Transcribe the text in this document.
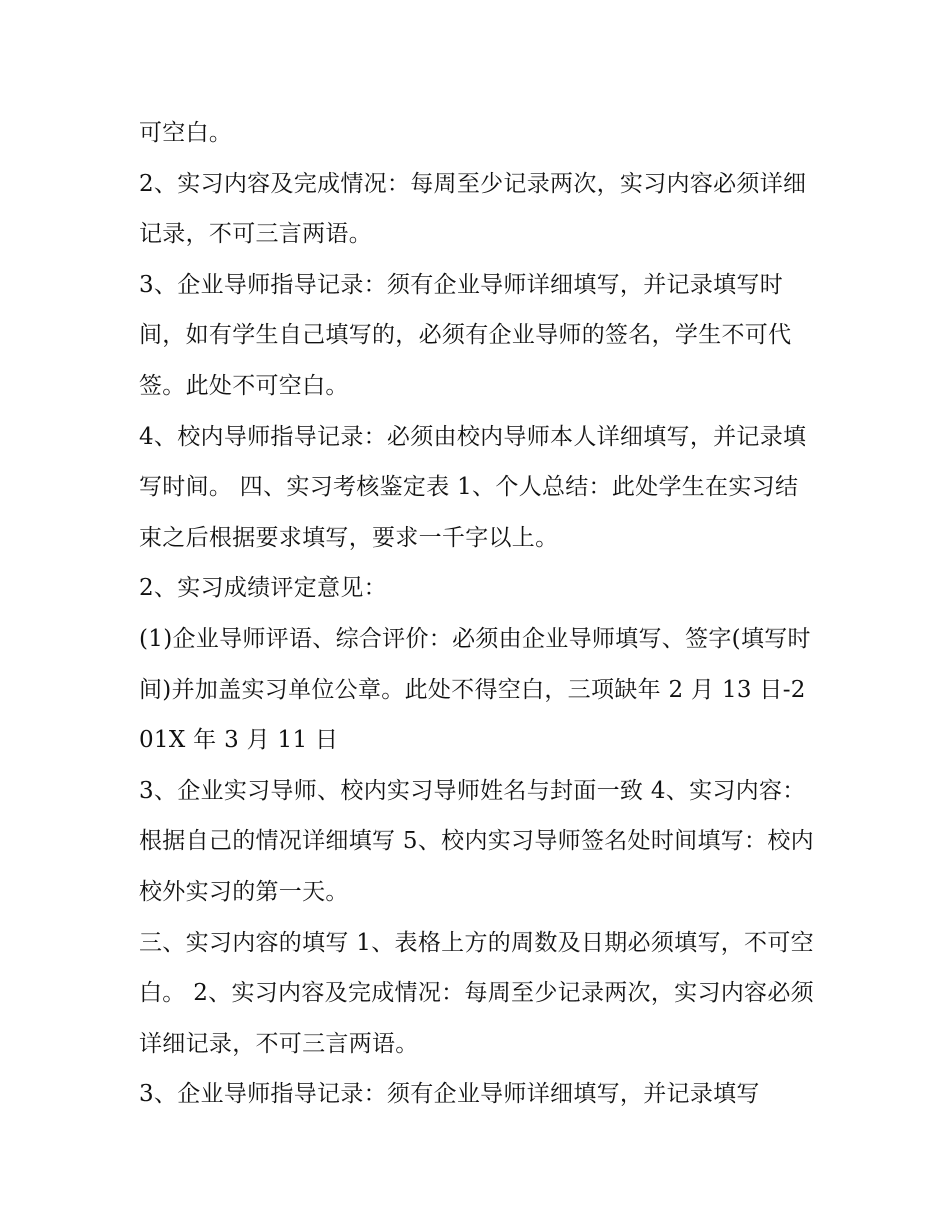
可空白。

2、实习内容及完成情况：每周至少记录两次，实习内容必须详细记录，不可三言两语。

3、企业导师指导记录：须有企业导师详细填写，并记录填写时间，如有学生自己填写的，必须有企业导师的签名，学生不可代签。此处不可空白。

4、校内导师指导记录：必须由校内导师本人详细填写，并记录填写时间。 四、实习考核鉴定表 1、个人总结：此处学生在实习结束之后根据要求填写，要求一千字以上。

2、实习成绩评定意见：

(1)企业导师评语、综合评价：必须由企业导师填写、签字(填写时间)并加盖实习单位公章。此处不得空白，三项缺年 2 月 13 日-201X 年 3 月 11 日

3、企业实习导师、校内实习导师姓名与封面一致 4、实习内容：根据自己的情况详细填写 5、校内实习导师签名处时间填写：校内校外实习的第一天。

三、实习内容的填写 1、表格上方的周数及日期必须填写，不可空白。 2、实习内容及完成情况：每周至少记录两次，实习内容必须详细记录，不可三言两语。

3、企业导师指导记录：须有企业导师详细填写，并记录填写
